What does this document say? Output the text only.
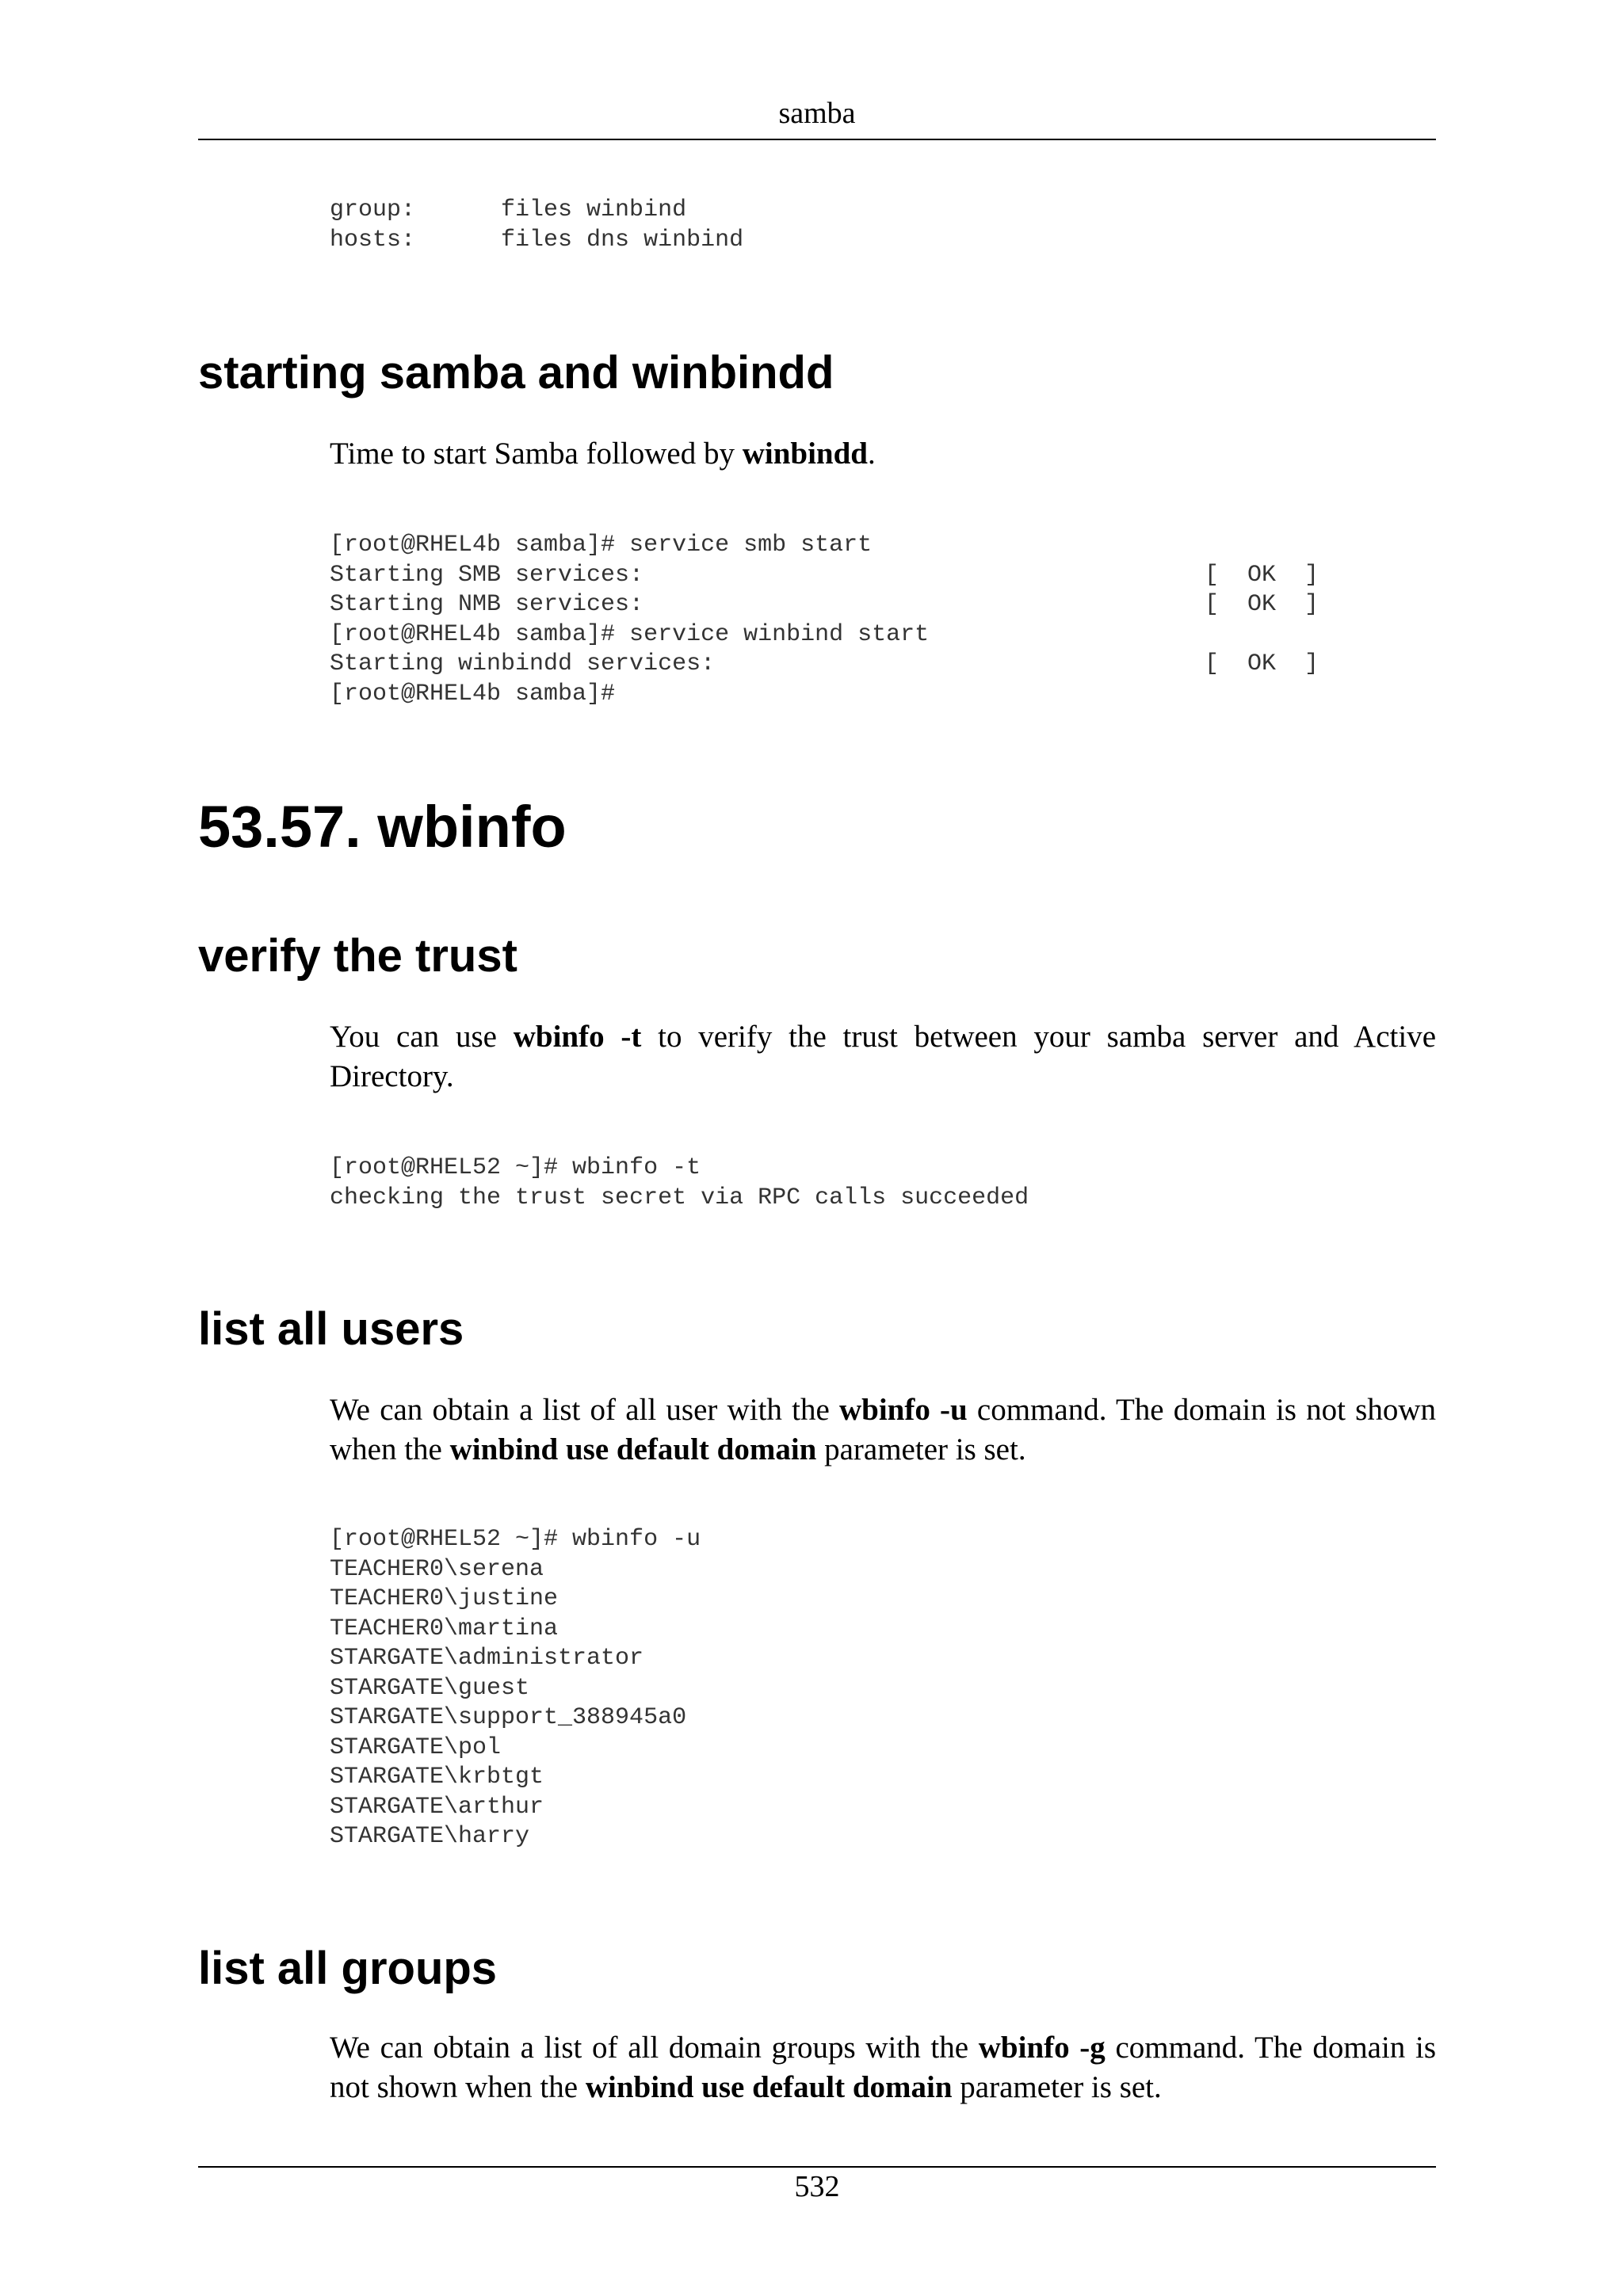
samba
group:      files winbind
hosts:      files dns winbind
starting samba and winbindd

Time to start Samba followed by winbindd.

[root@RHEL4b samba]# service smb start
Starting SMB services:	[  OK  ]
Starting NMB services:	[  OK  ]
[root@RHEL4b samba]# service winbind start
Starting winbindd services:	[  OK  ]
[root@RHEL4b samba]#
53.57. wbinfo
verify the trust

You can use wbinfo -t to verify the trust between your samba server and Active Directory.

[root@RHEL52 ~]# wbinfo -t
checking the trust secret via RPC calls succeeded
list all users

We can obtain a list of all user with the wbinfo -u command. The domain is not shown when the winbind use default domain parameter is set.

[root@RHEL52 ~]# wbinfo -u
TEACHER0\serena
TEACHER0\justine
TEACHER0\martina
STARGATE\administrator
STARGATE\guest
STARGATE\support_388945a0
STARGATE\pol
STARGATE\krbtgt
STARGATE\arthur
STARGATE\harry
list all groups

We can obtain a list of all domain groups with the wbinfo -g command. The domain is not shown when the winbind use default domain parameter is set.

532
